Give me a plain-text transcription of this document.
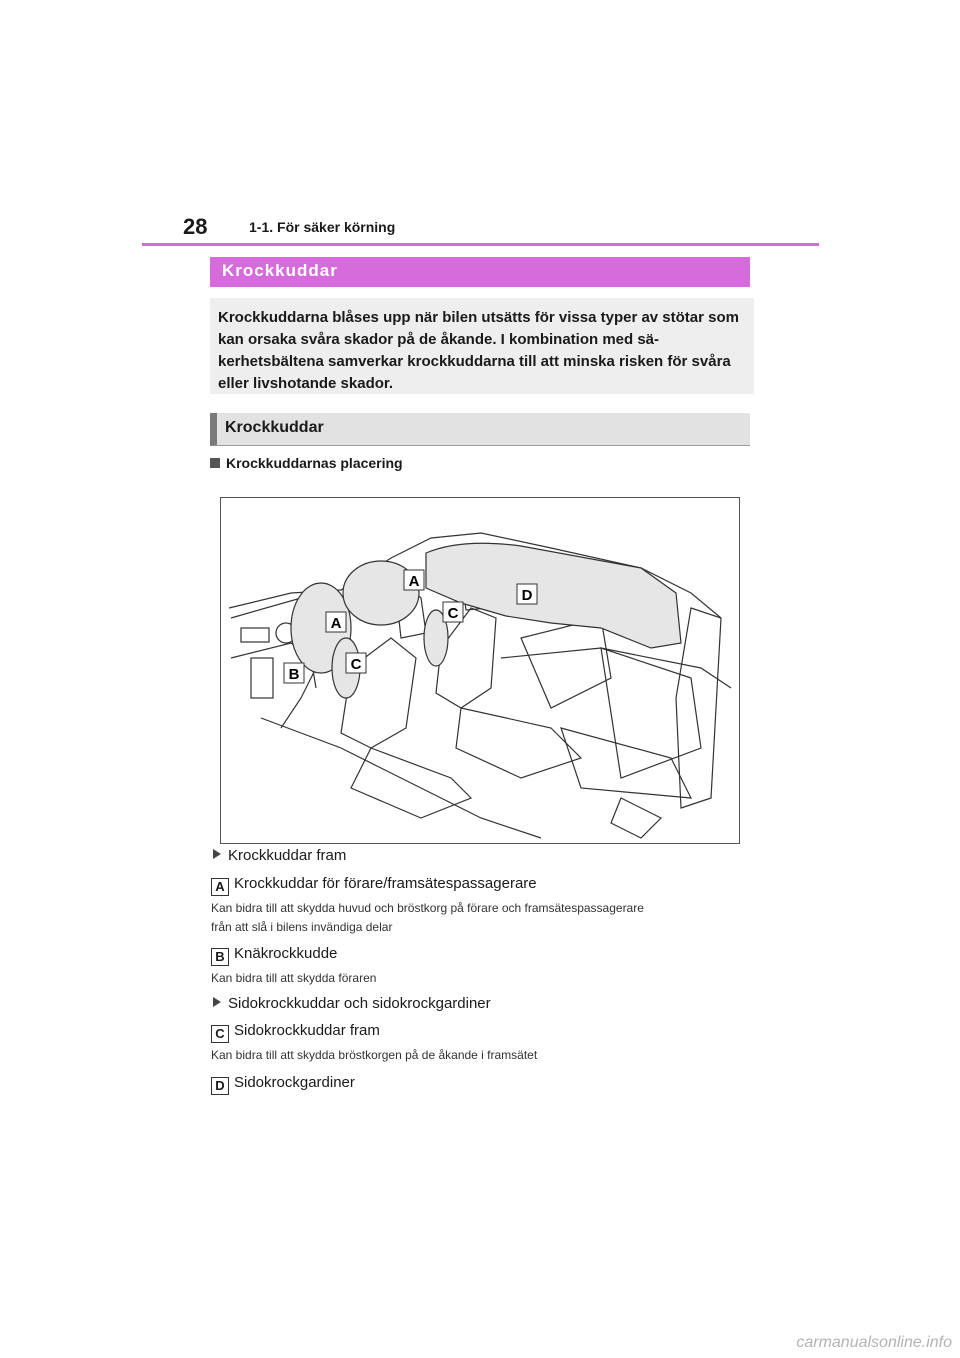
28	1-1. För säker körning
Krockkuddar

Krockkuddarna blåses upp när bilen utsätts för vissa typer av stötar som kan orsaka svåra skador på de åkande. I kombination med sä-kerhetsbältena samverkar krockkuddarna till att minska risken för svåra eller livshotande skador.

Krockkuddar
Krockkuddarnas placering
A
A
B
C
C
D
Krockkuddar fram
A Krockkuddar för förare/framsätespassagerare
Kan bidra till att skydda huvud och bröstkorg på förare och framsätespassagerare
från att slå i bilens invändiga delar
B Knäkrockkudde
Kan bidra till att skydda föraren
Sidokrockkuddar och sidokrockgardiner
C Sidokrockkuddar fram
Kan bidra till att skydda bröstkorgen på de åkande i framsätet
D Sidokrockgardiner
carmanualsonline.info
